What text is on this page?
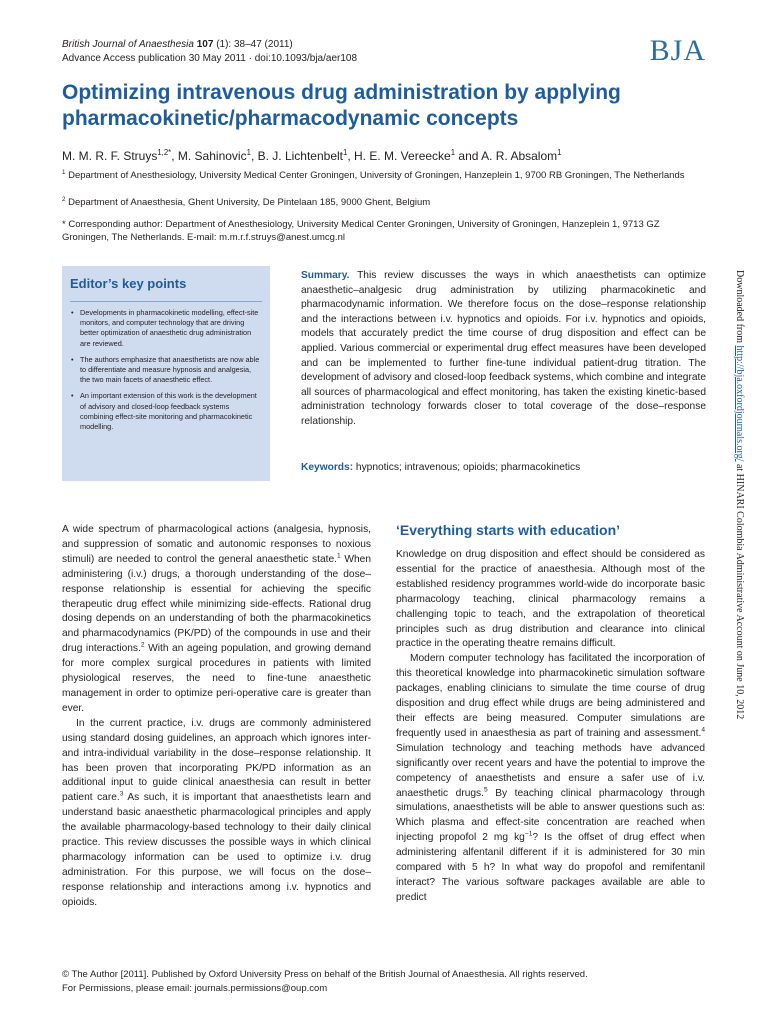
British Journal of Anaesthesia 107 (1): 38–47 (2011)
Advance Access publication 30 May 2011 · doi:10.1093/bja/aer108	BJA
Optimizing intravenous drug administration by applying pharmacokinetic/pharmacodynamic concepts
M. M. R. F. Struys$^{1,2*}$, M. Sahinovic$^1$, B. J. Lichtenbelt$^1$, H. E. M. Vereecke$^1$ and A. R. Absalom$^1$
$^1$ Department of Anesthesiology, University Medical Center Groningen, University of Groningen, Hanzeplein 1, 9700 RB Groningen, The Netherlands
$^2$ Department of Anaesthesia, Ghent University, De Pintelaan 185, 9000 Ghent, Belgium
* Corresponding author: Department of Anesthesiology, University Medical Center Groningen, University of Groningen, Hanzeplein 1, 9713 GZ Groningen, The Netherlands. E-mail: m.m.r.f.struys@anest.umcg.nl
Editor’s key points
• Developments in pharmacokinetic modelling, effect-site monitors, and computer technology that are driving better optimization of anaesthetic drug administration are reviewed.
• The authors emphasize that anaesthetists are now able to differentiate and measure hypnosis and analgesia, the two main facets of anaesthetic effect.
• An important extension of this work is the development of advisory and closed-loop feedback systems combining effect-site monitoring and pharmacokinetic modelling.
Summary. This review discusses the ways in which anaesthetists can optimize anaesthetic–analgesic drug administration by utilizing pharmacokinetic and pharmacodynamic information. We therefore focus on the dose–response relationship and the interactions between i.v. hypnotics and opioids. For i.v. hypnotics and opioids, models that accurately predict the time course of drug disposition and effect can be applied. Various commercial or experimental drug effect measures have been developed and can be implemented to further fine-tune individual patient-drug titration. The development of advisory and closed-loop feedback systems, which combine and integrate all sources of pharmacological and effect monitoring, has taken the existing kinetic-based administration technology forwards closer to total coverage of the dose–response relationship.
Keywords: hypnotics; intravenous; opioids; pharmacokinetics

A wide spectrum of pharmacological actions (analgesia, hypnosis, and suppression of somatic and autonomic responses to noxious stimuli) are needed to control the general anaesthetic state.$^1$ When administering (i.v.) drugs, a thorough understanding of the dose–response relationship is essential for achieving the specific therapeutic drug effect while minimizing side-effects. Rational drug dosing depends on an understanding of both the pharmacokinetics and pharmacodynamics (PK/PD) of the compounds in use and their drug interactions.$^2$ With an ageing population, and growing demand for more complex surgical procedures in patients with limited physiological reserves, the need to fine-tune anaesthetic management in order to optimize peri-operative care is greater than ever.

In the current practice, i.v. drugs are commonly administered using standard dosing guidelines, an approach which ignores inter- and intra-individual variability in the dose–response relationship. It has been proven that incorporating PK/PD information as an additional input to guide clinical anaesthesia can result in better patient care.$^3$ As such, it is important that anaesthetists learn and understand basic anaesthetic pharmacological principles and apply the available pharmacology-based technology to their daily clinical practice. This review discusses the possible ways in which clinical pharmacology information can be used to optimize i.v. drug administration. For this purpose, we will focus on the dose–response relationship and interactions among i.v. hypnotics and opioids.

‘Everything starts with education’

Knowledge on drug disposition and effect should be considered as essential for the practice of anaesthesia. Although most of the established residency programmes world-wide do incorporate basic pharmacology teaching, clinical pharmacology remains a challenging topic to teach, and the extrapolation of theoretical principles such as drug distribution and clearance into clinical practice in the operating theatre remains difficult.

Modern computer technology has facilitated the incorporation of this theoretical knowledge into pharmacokinetic simulation software packages, enabling clinicians to simulate the time course of drug disposition and drug effect while drugs are being administered and their effects are being measured. Computer simulations are frequently used in anaesthesia as part of training and assessment.$^4$ Simulation technology and teaching methods have advanced significantly over recent years and have the potential to improve the competency of anaesthetists and ensure a safer use of i.v. anaesthetic drugs.$^5$ By teaching clinical pharmacology through simulations, anaesthetists will be able to answer questions such as: Which plasma and effect-site concentration are reached when injecting propofol 2 mg $kg^{-1}$? Is the offset of drug effect when administering alfentanil different if it is administered for 30 min compared with 5 h? In what way do propofol and remifentanil interact? The various software packages available are able to predict

© The Author [2011]. Published by Oxford University Press on behalf of the British Journal of Anaesthesia. All rights reserved.
For Permissions, please email: journals.permissions@oup.com
Downloaded from http://bja.oxfordjournals.org/ at HINARI Colombia Administrative Account on June 10, 2012
